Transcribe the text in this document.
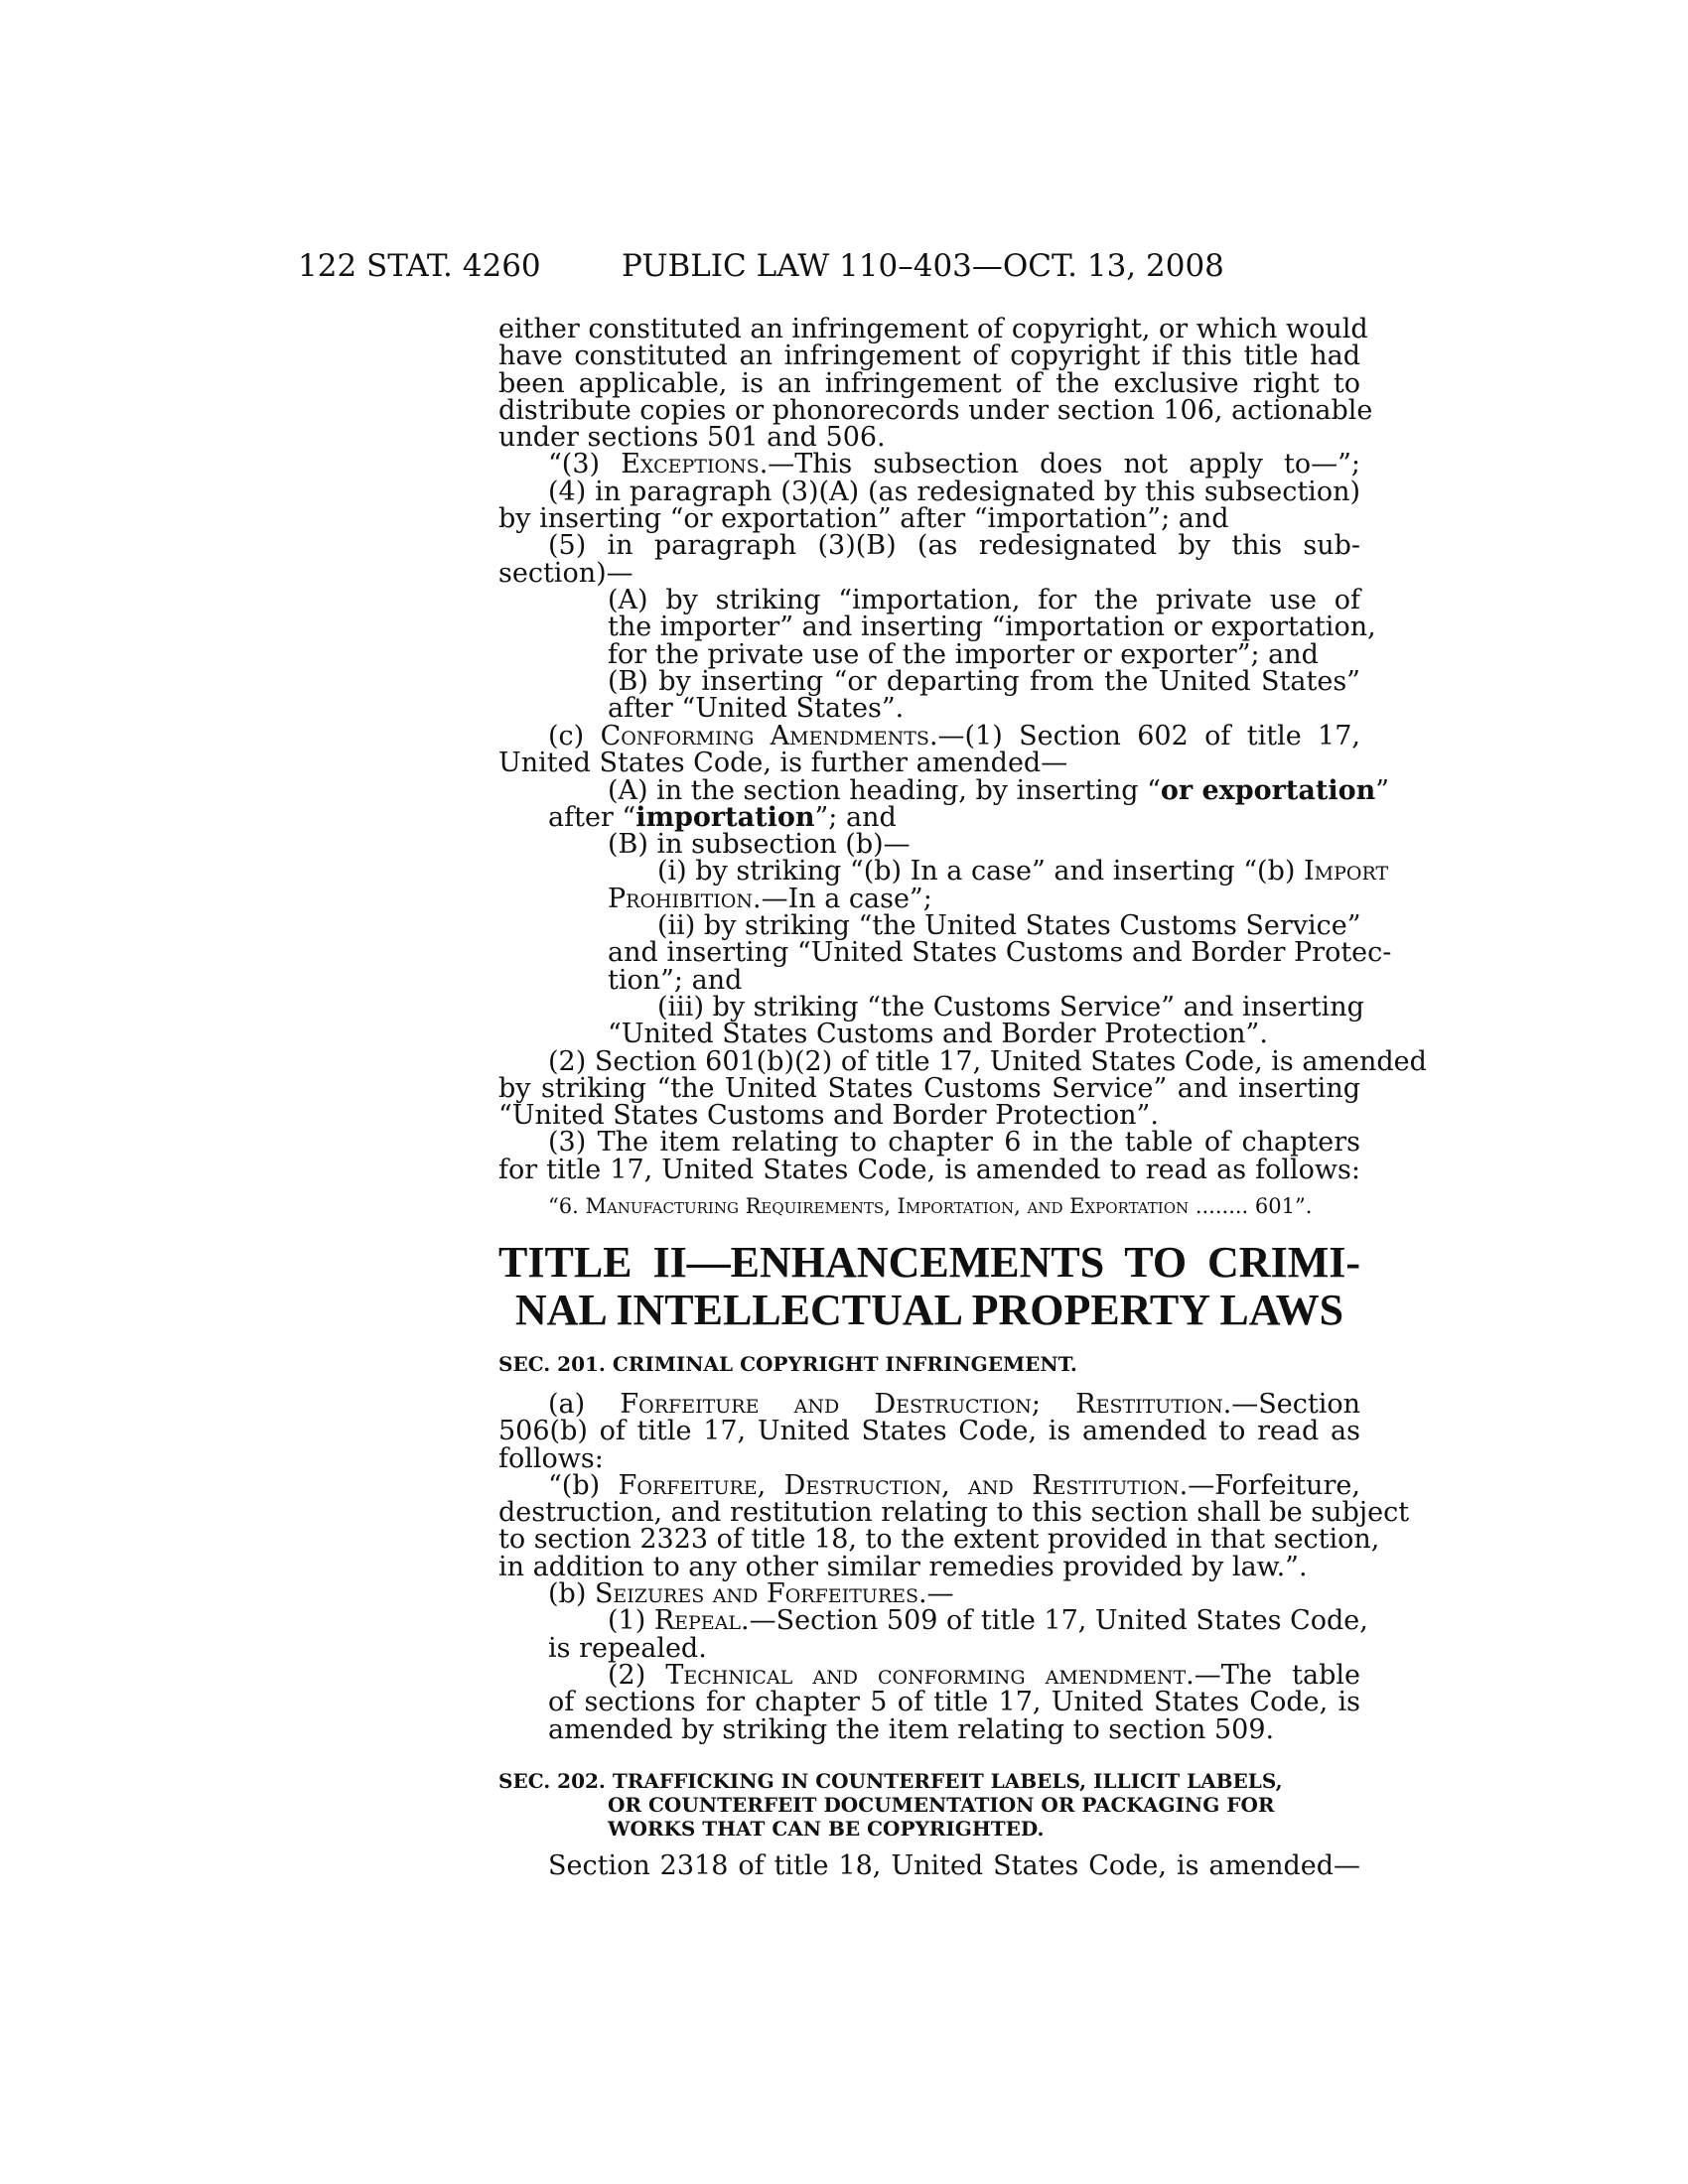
122 STAT. 4260	PUBLIC LAW 110–403—OCT. 13, 2008
either constituted an infringement of copyright, or which would
have constituted an infringement of copyright if this title had
been applicable, is an infringement of the exclusive right to
distribute copies or phonorecords under section 106, actionable
under sections 501 and 506.
“(3) Exceptions.—This subsection does not apply to—”;
(4) in paragraph (3)(A) (as redesignated by this subsection)
by inserting “or exportation” after “importation”; and
(5) in paragraph (3)(B) (as redesignated by this sub-
section)—
(A) by striking “importation, for the private use of
the importer” and inserting “importation or exportation,
for the private use of the importer or exporter”; and
(B) by inserting “or departing from the United States”
after “United States”.
(c) Conforming Amendments.—(1) Section 602 of title 17,
United States Code, is further amended—
(A) in the section heading, by inserting “or exportation”
after “importation”; and
(B) in subsection (b)—
(i) by striking “(b) In a case” and inserting “(b) Import
Prohibition.—In a case”;
(ii) by striking “the United States Customs Service”
and inserting “United States Customs and Border Protec-
tion”; and
(iii) by striking “the Customs Service” and inserting
“United States Customs and Border Protection”.
(2) Section 601(b)(2) of title 17, United States Code, is amended
by striking “the United States Customs Service” and inserting
“United States Customs and Border Protection”.
(3) The item relating to chapter 6 in the table of chapters
for title 17, United States Code, is amended to read as follows:
“6. Manufacturing Requirements, Importation, and Exportation ........ 601”.
TITLE II—ENHANCEMENTS TO CRIMI-
NAL INTELLECTUAL PROPERTY LAWS
SEC. 201. CRIMINAL COPYRIGHT INFRINGEMENT.
(a) Forfeiture and Destruction; Restitution.—Section
506(b) of title 17, United States Code, is amended to read as
follows:
“(b) Forfeiture, Destruction, and Restitution.—Forfeiture,
destruction, and restitution relating to this section shall be subject
to section 2323 of title 18, to the extent provided in that section,
in addition to any other similar remedies provided by law.”.
(b) Seizures and Forfeitures.—
(1) Repeal.—Section 509 of title 17, United States Code,
is repealed.
(2) Technical and conforming amendment.—The table
of sections for chapter 5 of title 17, United States Code, is
amended by striking the item relating to section 509.
SEC. 202. TRAFFICKING IN COUNTERFEIT LABELS, ILLICIT LABELS,
OR COUNTERFEIT DOCUMENTATION OR PACKAGING FOR
WORKS THAT CAN BE COPYRIGHTED.
Section 2318 of title 18, United States Code, is amended—
